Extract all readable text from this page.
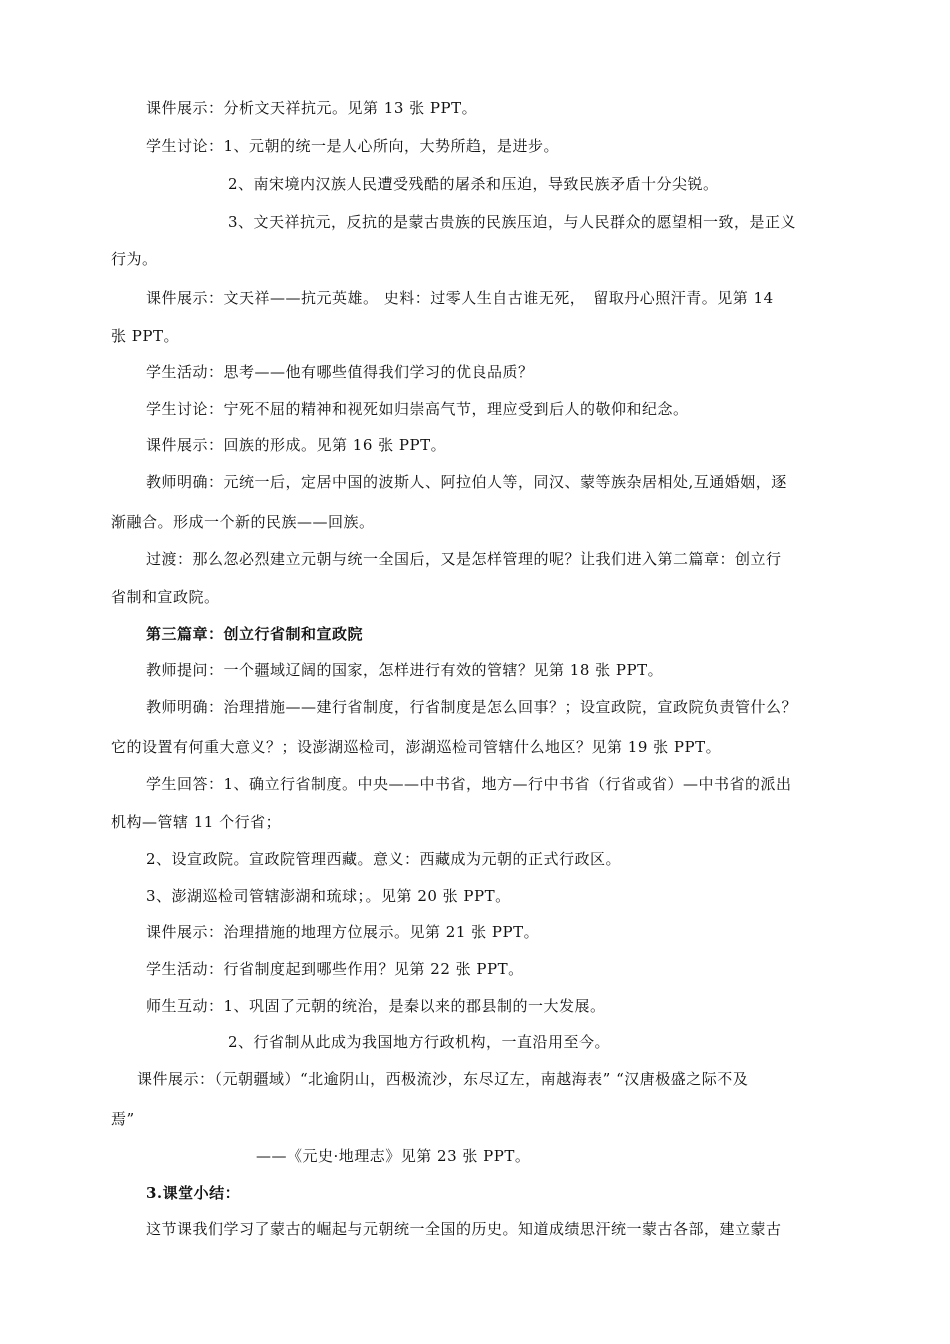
课件展示：分析文天祥抗元。见第 13 张 PPT。
学生讨论：1、元朝的统一是人心所向，大势所趋，是进步。
2、南宋境内汉族人民遭受残酷的屠杀和压迫，导致民族矛盾十分尖锐。
3、文天祥抗元，反抗的是蒙古贵族的民族压迫，与人民群众的愿望相一致，是正义
行为。
课件展示：文天祥——抗元英雄。 史料：过零人生自古谁无死，　留取丹心照汗青。见第 14
张 PPT。
学生活动：思考——他有哪些值得我们学习的优良品质？
学生讨论：宁死不屈的精神和视死如归崇高气节，理应受到后人的敬仰和纪念。
课件展示：回族的形成。见第 16 张 PPT。
教师明确：元统一后，定居中国的波斯人、阿拉伯人等，同汉、蒙等族杂居相处,互通婚姻，逐
渐融合。形成一个新的民族——回族。
过渡：那么忽必烈建立元朝与统一全国后，又是怎样管理的呢？让我们进入第二篇章：创立行
省制和宣政院。
第三篇章：创立行省制和宣政院
教师提问：一个疆域辽阔的国家，怎样进行有效的管辖？见第 18 张 PPT。
教师明确：治理措施——建行省制度，行省制度是怎么回事？；设宣政院，宣政院负责管什么？
它的设置有何重大意义？；设澎湖巡检司，澎湖巡检司管辖什么地区？见第 19 张 PPT。
学生回答：1、确立行省制度。中央——中书省，地方—行中书省（行省或省）—中书省的派出
机构—管辖 11 个行省；
2、设宣政院。宣政院管理西藏。意义：西藏成为元朝的正式行政区。
3、澎湖巡检司管辖澎湖和琉球；。见第 20 张 PPT。
课件展示：治理措施的地理方位展示。见第 21 张 PPT。
学生活动：行省制度起到哪些作用？见第 22 张 PPT。
师生互动：1、巩固了元朝的统治，是秦以来的郡县制的一大发展。
2、行省制从此成为我国地方行政机构，一直沿用至今。
课件展示：（元朝疆域）“北逾阴山，西极流沙，东尽辽左，南越海表” “汉唐极盛之际不及
焉”
——《元史·地理志》见第 23 张 PPT。
3.课堂小结：
这节课我们学习了蒙古的崛起与元朝统一全国的历史。知道成绩思汗统一蒙古各部，建立蒙古
